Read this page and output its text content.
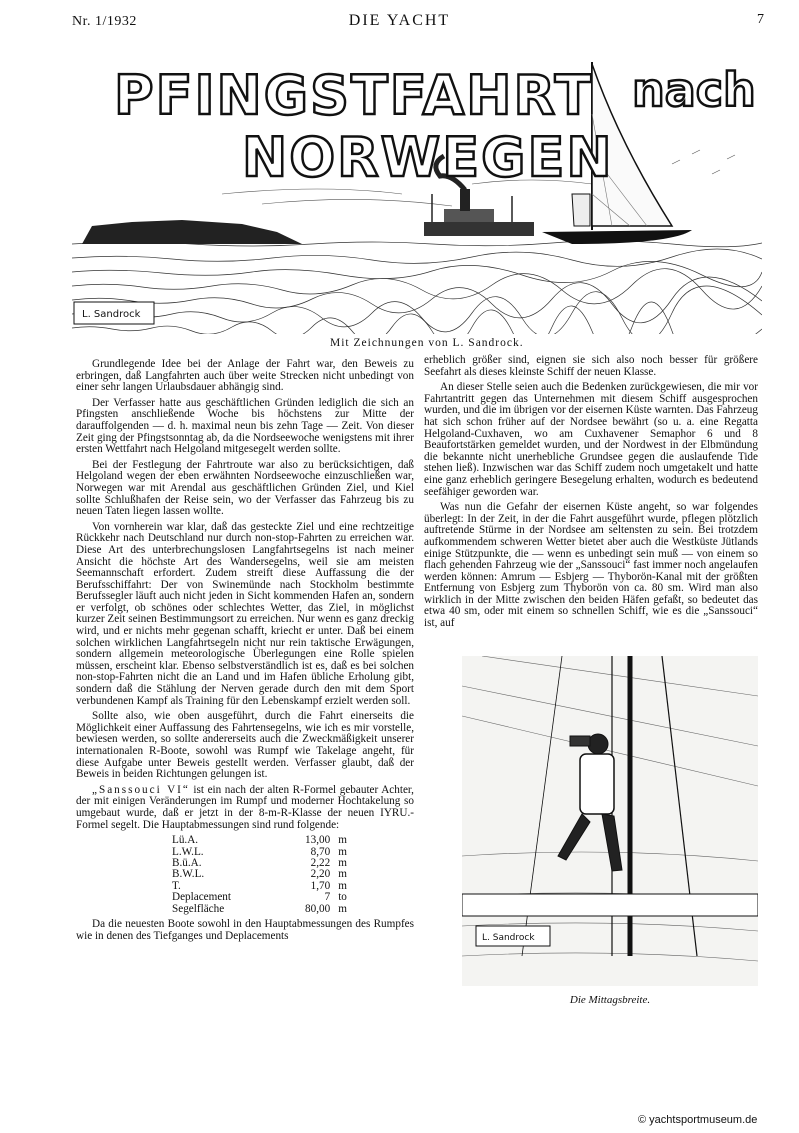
Nr. 1/1932	DIE YACHT	7
PFINGSTFAHRT nach
NORWEGEN
L. Sandrock
Mit Zeichnungen von L. Sandrock.

Grundlegende Idee bei der Anlage der Fahrt war, den Beweis zu erbringen, daß Langfahrten auch über weite Strecken nicht unbedingt von einer sehr langen Urlaubsdauer abhängig sind.

Der Verfasser hatte aus geschäftlichen Gründen lediglich die sich an Pfingsten anschließende Woche bis höchstens zur Mitte der darauffolgenden — d. h. maximal neun bis zehn Tage — Zeit. Von dieser Zeit ging der Pfingstsonntag ab, da die Nordseewoche wenigstens mit ihrer ersten Wettfahrt nach Helgoland mitgesegelt werden sollte.

Bei der Festlegung der Fahrtroute war also zu berücksichtigen, daß Helgoland wegen der eben erwähnten Nordseewoche einzuschließen war, Norwegen war mit Arendal aus geschäftlichen Gründen Ziel, und Kiel sollte Schlußhafen der Reise sein, wo der Verfasser das Fahrzeug bis zu neuen Taten liegen lassen wollte.

Von vornherein war klar, daß das gesteckte Ziel und eine rechtzeitige Rückkehr nach Deutschland nur durch non-stop-Fahrten zu erreichen war. Diese Art des unterbrechungslosen Langfahrtsegelns ist nach meiner Ansicht die höchste Art des Wandersegelns, weil sie am meisten Seemannschaft erfordert. Zudem streift diese Auffassung die der Berufsschiffahrt: Der von Swinemünde nach Stockholm bestimmte Berufssegler läuft auch nicht jeden in Sicht kommenden Hafen an, sondern er verfolgt, ob schönes oder schlechtes Wetter, das Ziel, in möglichst kurzer Zeit seinen Bestimmungsort zu erreichen. Nur wenn es ganz dreckig wird, und er nichts mehr gegenan schafft, kriecht er unter. Daß bei einem solchen wirklichen Langfahrtsegeln nicht nur rein taktische Erwägungen, sondern allgemein meteorologische Überlegungen eine Rolle spielen müssen, erscheint klar. Ebenso selbstverständlich ist es, daß es bei solchen non-stop-Fahrten nicht die an Land und im Hafen übliche Erholung gibt, sondern daß die Stählung der Nerven gerade durch den mit dem Sport verbundenen Kampf als Training für den Lebenskampf erzielt werden soll.

Sollte also, wie oben ausgeführt, durch die Fahrt einerseits die Möglichkeit einer Auffassung des Fahrtensegelns, wie ich es mir vorstelle, bewiesen werden, so sollte andererseits auch die Zweckmäßigkeit unserer internationalen R-Boote, sowohl was Rumpf wie Takelage angeht, für diese Aufgabe unter Beweis gestellt werden. Verfasser glaubt, daß der Beweis in beiden Richtungen gelungen ist.

„Sanssouci VI“ ist ein nach der alten R-Formel gebauter Achter, der mit einigen Veränderungen im Rumpf und moderner Hochtakelung so umgebaut wurde, daß er jetzt in der 8-m-R-Klasse der neuen IYRU.-Formel segelt. Die Hauptabmessungen sind rund folgende:

Lü.A.	13,00	m
L.W.L.	8,70	m
B.ü.A.	2,22	m
B.W.L.	2,20	m
T.	1,70	m
Deplacement	7	to
Segelfläche	80,00	m

Da die neuesten Boote sowohl in den Hauptabmessungen des Rumpfes wie in denen des Tiefganges und Deplacements

erheblich größer sind, eignen sie sich also noch besser für größere Seefahrt als dieses kleinste Schiff der neuen Klasse.

An dieser Stelle seien auch die Bedenken zurückgewiesen, die mir vor Fahrtantritt gegen das Unternehmen mit diesem Schiff ausgesprochen wurden, und die im übrigen vor der eisernen Küste warnten. Das Fahrzeug hat sich schon früher auf der Nordsee bewährt (so u. a. eine Regatta Helgoland-Cuxhaven, wo am Cuxhavener Semaphor 6 und 8 Beaufortstärken gemeldet wurden, und der Nordwest in der Elbmündung die bekannte nicht unerhebliche Grundsee gegen die auslaufende Tide stehen ließ). Inzwischen war das Schiff zudem noch umgetakelt und hatte eine ganz erheblich geringere Besegelung erhalten, wodurch es bedeutend seefähiger geworden war.

Was nun die Gefahr der eisernen Küste angeht, so war folgendes überlegt: In der Zeit, in der die Fahrt ausgeführt wurde, pflegen plötzlich auftretende Stürme in der Nordsee am seltensten zu sein. Bei trotzdem aufkommendem schweren Wetter bietet aber auch die Westküste Jütlands einige Stützpunkte, die — wenn es unbedingt sein muß — von einem so flach gehenden Fahrzeug wie der „Sanssouci“ fast immer noch angelaufen werden können: Amrum — Esbjerg — Thyborön-Kanal mit der größten Entfernung von Esbjerg zum Thyborön von ca. 80 sm. Wird man also wirklich in der Mitte zwischen den beiden Häfen gefaßt, so bedeutet das etwa 40 sm, oder mit einem so schnellen Schiff, wie es die „Sanssouci“ ist, auf

L. Sandrock
Die Mittagsbreite.
© yachtsportmuseum.de
